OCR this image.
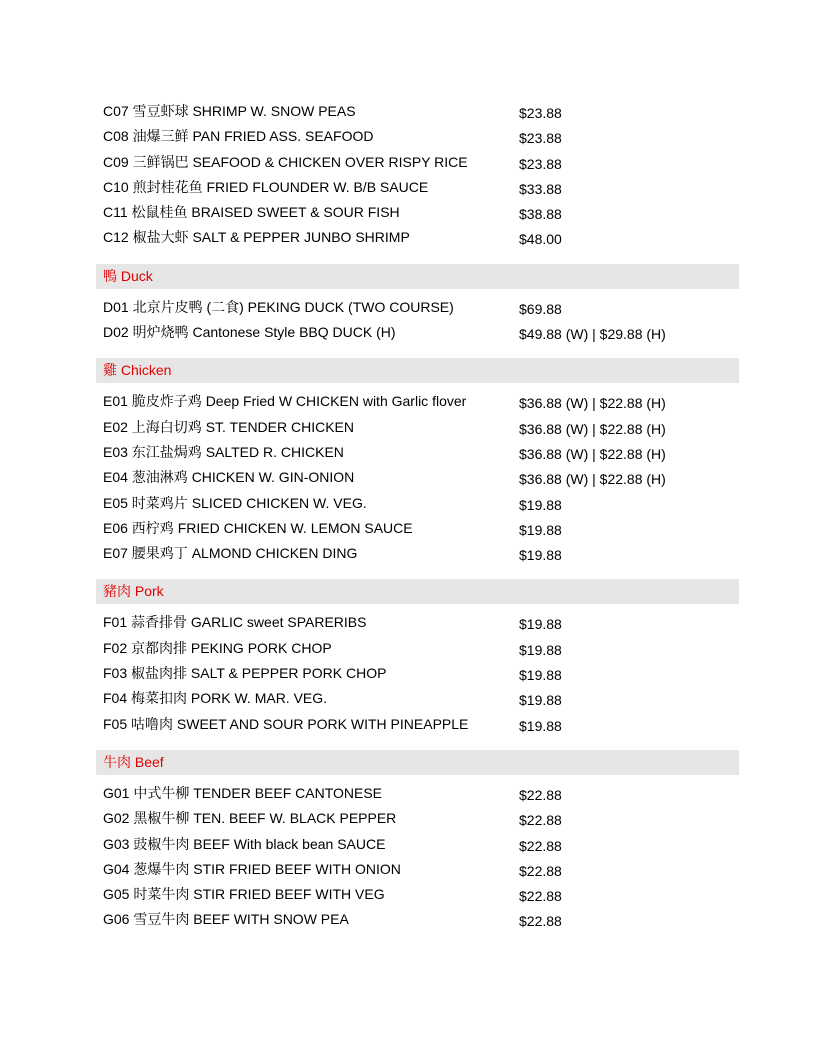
C07 雪豆虾球 SHRIMP W. SNOW PEAS	$23.88
C08 油爆三鲜 PAN FRIED ASS. SEAFOOD	$23.88
C09 三鲜锅巴 SEAFOOD & CHICKEN OVER RISPY RICE	$23.88
C10 煎封桂花鱼 FRIED FLOUNDER W. B/B SAUCE	$33.88
C11 松鼠桂鱼 BRAISED SWEET & SOUR FISH	$38.88
C12 椒盐大虾 SALT & PEPPER JUNBO SHRIMP	$48.00
鴨 Duck
D01 北京片皮鸭 (二食) PEKING DUCK (TWO COURSE)	$69.88
D02 明炉烧鸭 Cantonese Style BBQ DUCK (H)	$49.88 (W) | $29.88 (H)
雞 Chicken
E01 脆皮炸子鸡 Deep Fried W CHICKEN with Garlic flover	$36.88 (W) | $22.88 (H)
E02 上海白切鸡 ST. TENDER CHICKEN	$36.88 (W) | $22.88 (H)
E03 东江盐焗鸡 SALTED R. CHICKEN	$36.88 (W) | $22.88 (H)
E04 葱油淋鸡 CHICKEN W. GIN-ONION	$36.88 (W) | $22.88 (H)
E05 时菜鸡片 SLICED CHICKEN W. VEG.	$19.88
E06 西柠鸡 FRIED CHICKEN W. LEMON SAUCE	$19.88
E07 腰果鸡丁 ALMOND CHICKEN DING	$19.88
豬肉 Pork
F01 蒜香排骨 GARLIC sweet SPARERIBS	$19.88
F02 京都肉排 PEKING PORK CHOP	$19.88
F03 椒盐肉排 SALT & PEPPER PORK CHOP	$19.88
F04 梅菜扣肉 PORK W. MAR. VEG.	$19.88
F05 咕噜肉 SWEET AND SOUR PORK WITH PINEAPPLE	$19.88
牛肉 Beef
G01 中式牛柳 TENDER BEEF CANTONESE	$22.88
G02 黑椒牛柳 TEN. BEEF W. BLACK PEPPER	$22.88
G03 豉椒牛肉 BEEF With black bean SAUCE	$22.88
G04 葱爆牛肉 STIR FRIED BEEF WITH ONION	$22.88
G05 时菜牛肉 STIR FRIED BEEF WITH VEG	$22.88
G06 雪豆牛肉 BEEF WITH SNOW PEA	$22.88
